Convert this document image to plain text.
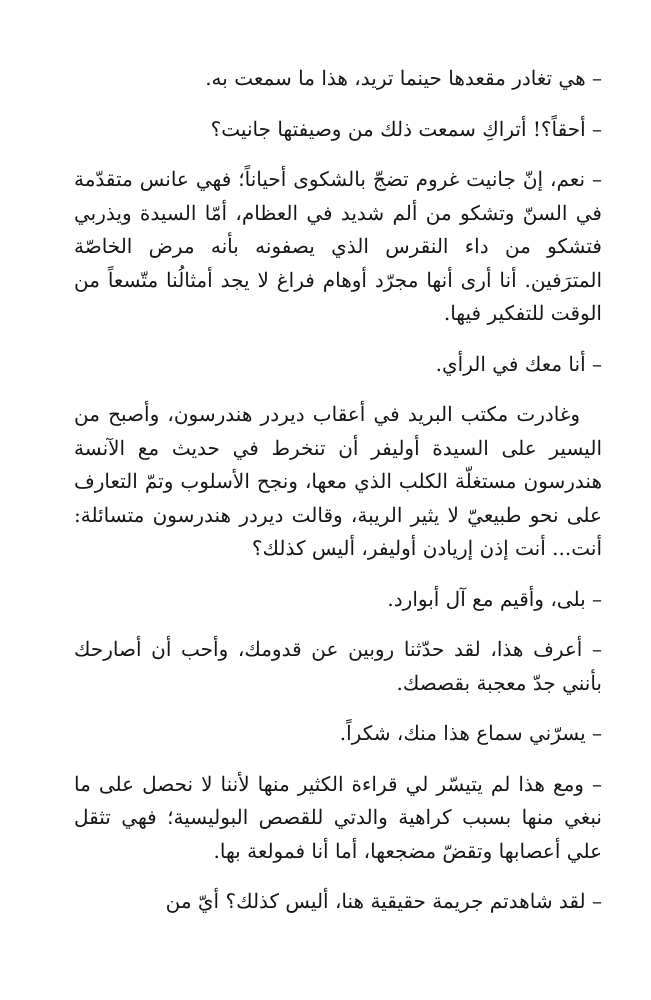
– هي تغادر مقعدها حينما تريد، هذا ما سمعت به.

– أحقاً؟! أتراكِ سمعت ذلك من وصيفتها جانيت؟

– نعم، إنّ جانيت غروم تضجّ بالشكوى أحياناً؛ فهي عانس متقدّمة في السنّ وتشكو من ألم شديد في العظام، أمّا السيدة ويذربي فتشكو من داء النقرس الذي يصفونه بأنه مرض الخاصّة المترَفين. أنا أرى أنها مجرّد أوهام فراغ لا يجد أمثالُنا متّسعاً من الوقت للتفكير فيها.

– أنا معك في الرأي.

وغادرت مكتب البريد في أعقاب ديردر هندرسون، وأصبح من اليسير على السيدة أوليفر أن تنخرط في حديث مع الآنسة هندرسون مستغلّة الكلب الذي معها، ونجح الأسلوب وتمّ التعارف على نحو طبيعيّ لا يثير الريبة، وقالت ديردر هندرسون متسائلة: أنت... أنت إذن إريادن أوليفر، أليس كذلك؟

– بلى، وأقيم مع آل أبوارد.

– أعرف هذا، لقد حدّثنا روبين عن قدومك، وأحب أن أصارحك بأنني جدّ معجبة بقصصك.

– يسرّني سماع هذا منك، شكراً.

– ومع هذا لم يتيسّر لي قراءة الكثير منها لأننا لا نحصل على ما نبغي منها بسبب كراهية والدتي للقصص البوليسية؛ فهي تثقل علي أعصابها وتقضّ مضجعها، أما أنا فمولعة بها.

– لقد شاهدتم جريمة حقيقية هنا، أليس كذلك؟ أيّ من
